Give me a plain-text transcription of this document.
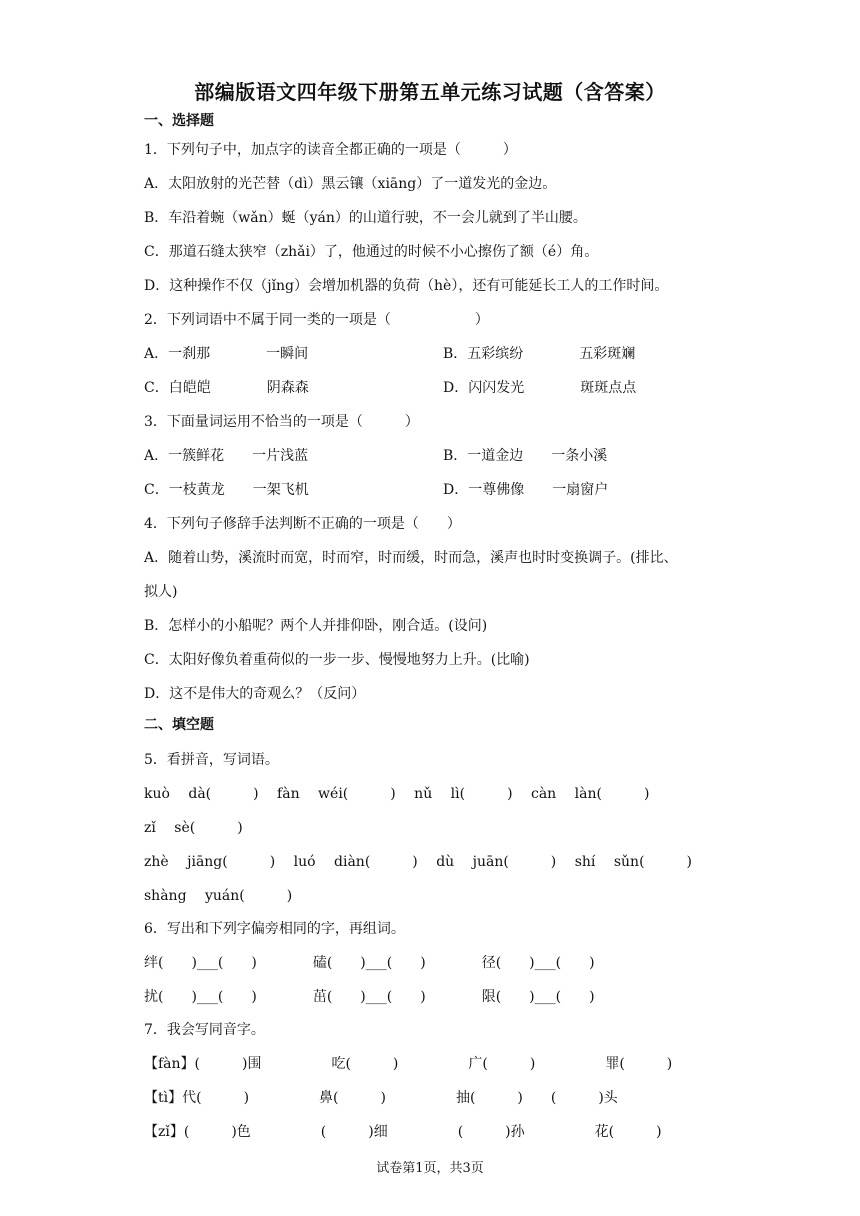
部编版语文四年级下册第五单元练习试题（含答案）
一、选择题
1．下列句子中，加点字的读音全都正确的一项是（　　　）
A．太阳放射的光芒替（dì）黑云镶（xiāng）了一道发光的金边。
B．车沿着蜿（wǎn）蜒（yán）的山道行驶，不一会儿就到了半山腰。
C．那道石缝太狭窄（zhǎi）了，他通过的时候不小心擦伤了额（é）角。
D．这种操作不仅（jǐng）会增加机器的负荷（hè），还有可能延长工人的工作时间。
2．下列词语中不属于同一类的一项是（　　　　　　）
A．一刹那　　　　一瞬间	B．五彩缤纷　　　　五彩斑斓
C．白皑皑　　　　阴森森	D．闪闪发光　　　　斑斑点点
3．下面量词运用不恰当的一项是（　　　）
A．一簇鲜花　　一片浅蓝	B．一道金边　　一条小溪
C．一枝黄龙　　一架飞机	D．一尊佛像　　一扇窗户
4．下列句子修辞手法判断不正确的一项是（　　）
A．随着山势，溪流时而宽，时而窄，时而缓，时而急，溪声也时时变换调子。(排比、
拟人)
B．怎样小的小船呢？两个人并排仰卧，刚合适。(设问)
C．太阳好像负着重荷似的一步一步、慢慢地努力上升。(比喻)
D．这不是伟大的奇观么？（反问）
二、填空题
5．看拼音，写词语。
kuò　 dà(　　　)　 fàn　 wéi(　　　)　 nǔ　 lì(　　　)　 càn　 làn(　　　)
zǐ　 sè(　　　)
zhè　 jiāng(　　　)　 luó　 diàn(　　　)　 dù　 juān(　　　)　 shí　 sǔn(　　　)
shàng　 yuán(　　　)
6．写出和下列字偏旁相同的字，再组词。
绊(　　)___(　　)　　　　磕(　　)___(　　)　　　　径(　　)___(　　)
扰(　　)___(　　)　　　　茁(　　)___(　　)　　　　限(　　)___(　　)
7．我会写同音字。
【fàn】(　　　)围　　　　　吃(　　　)　　　　　广(　　　)　　　　　罪(　　　)
【tì】代(　　　)　　　　　鼻(　　　)　　　　　抽(　　　)　　(　　　)头
【zǐ】(　　　)色　　　　　(　　　)细　　　　　(　　　)孙　　　　　花(　　　)
试卷第1页，共3页
